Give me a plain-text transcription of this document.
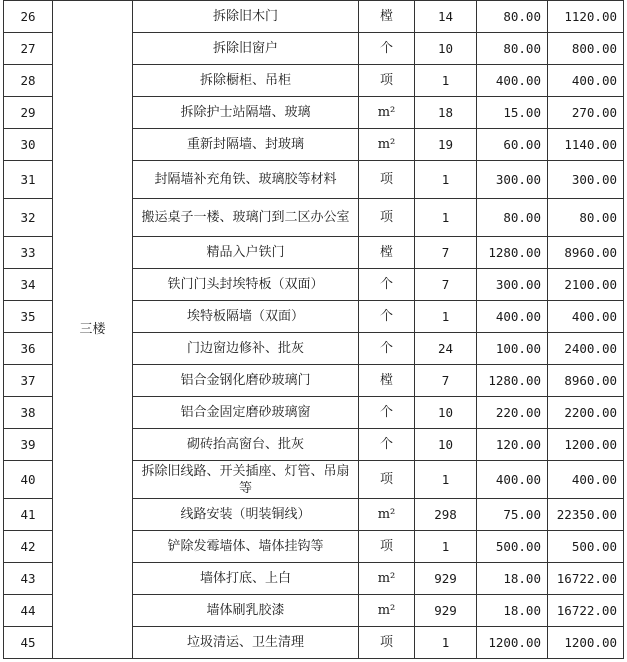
26	三楼	拆除旧木门	樘	14	80.00	1120.00
27		拆除旧窗户	个	10	80.00	800.00
28		拆除橱柜、吊柜	项	1	400.00	400.00
29		拆除护士站隔墙、玻璃	m²	18	15.00	270.00
30		重新封隔墙、封玻璃	m²	19	60.00	1140.00
31		封隔墙补充角铁、玻璃胶等材料	项	1	300.00	300.00
32		搬运桌子一楼、玻璃门到二区办公室	项	1	80.00	80.00
33		精品入户铁门	樘	7	1280.00	8960.00
34		铁门门头封埃特板（双面）	个	7	300.00	2100.00
35		埃特板隔墙（双面）	个	1	400.00	400.00
36		门边窗边修补、批灰	个	24	100.00	2400.00
37		铝合金钢化磨砂玻璃门	樘	7	1280.00	8960.00
38		铝合金固定磨砂玻璃窗	个	10	220.00	2200.00
39		砌砖抬高窗台、批灰	个	10	120.00	1200.00
40		拆除旧线路、开关插座、灯管、吊扇等	项	1	400.00	400.00
41		线路安装（明装铜线）	m²	298	75.00	22350.00
42		铲除发霉墙体、墙体挂钩等	项	1	500.00	500.00
43		墙体打底、上白	m²	929	18.00	16722.00
44		墙体刷乳胶漆	m²	929	18.00	16722.00
45		垃圾清运、卫生清理	项	1	1200.00	1200.00
